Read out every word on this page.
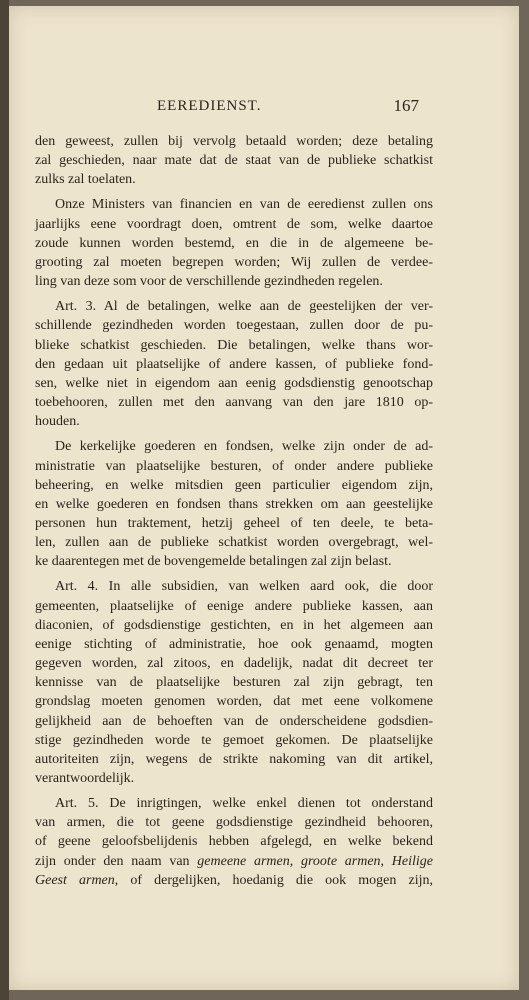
EEREDIENST.	167

den geweest, zullen bij vervolg betaald worden; deze betaling
zal geschieden, naar mate dat de staat van de publieke schatkist
zulks zal toelaten.

Onze Ministers van financien en van de eeredienst zullen ons
jaarlijks eene voordragt doen, omtrent de som, welke daartoe
zoude kunnen worden bestemd, en die in de algemeene be-
grooting zal moeten begrepen worden; Wij zullen de verdee-
ling van deze som voor de verschillende gezindheden regelen.

Art. 3. Al de betalingen, welke aan de geestelijken der ver-
schillende gezindheden worden toegestaan, zullen door de pu-
blieke schatkist geschieden. Die betalingen, welke thans wor-
den gedaan uit plaatselijke of andere kassen, of publieke fond-
sen, welke niet in eigendom aan eenig godsdienstig genootschap
toebehooren, zullen met den aanvang van den jare 1810 op-
houden.

De kerkelijke goederen en fondsen, welke zijn onder de ad-
ministratie van plaatselijke besturen, of onder andere publieke
beheering, en welke mitsdien geen particulier eigendom zijn,
en welke goederen en fondsen thans strekken om aan geestelijke
personen hun traktement, hetzij geheel of ten deele, te beta-
len, zullen aan de publieke schatkist worden overgebragt, wel-
ke daarentegen met de bovengemelde betalingen zal zijn belast.

Art. 4. In alle subsidien, van welken aard ook, die door
gemeenten, plaatselijke of eenige andere publieke kassen, aan
diaconien, of godsdienstige gestichten, en in het algemeen aan
eenige stichting of administratie, hoe ook genaamd, mogten
gegeven worden, zal zitoos, en dadelijk, nadat dit decreet ter
kennisse van de plaatselijke besturen zal zijn gebragt, ten
grondslag moeten genomen worden, dat met eene volkomene
gelijkheid aan de behoeften van de onderscheidene godsdien-
stige gezindheden worde te gemoet gekomen. De plaatselijke
autoriteiten zijn, wegens de strikte nakoming van dit artikel,
verantwoordelijk.

Art. 5. De inrigtingen, welke enkel dienen tot onderstand
van armen, die tot geene godsdienstige gezindheid behooren,
of geene geloofsbelijdenis hebben afgelegd, en welke bekend
zijn onder den naam van gemeene armen, groote armen, Heilige
Geest armen, of dergelijken, hoedanig die ook mogen zijn,
